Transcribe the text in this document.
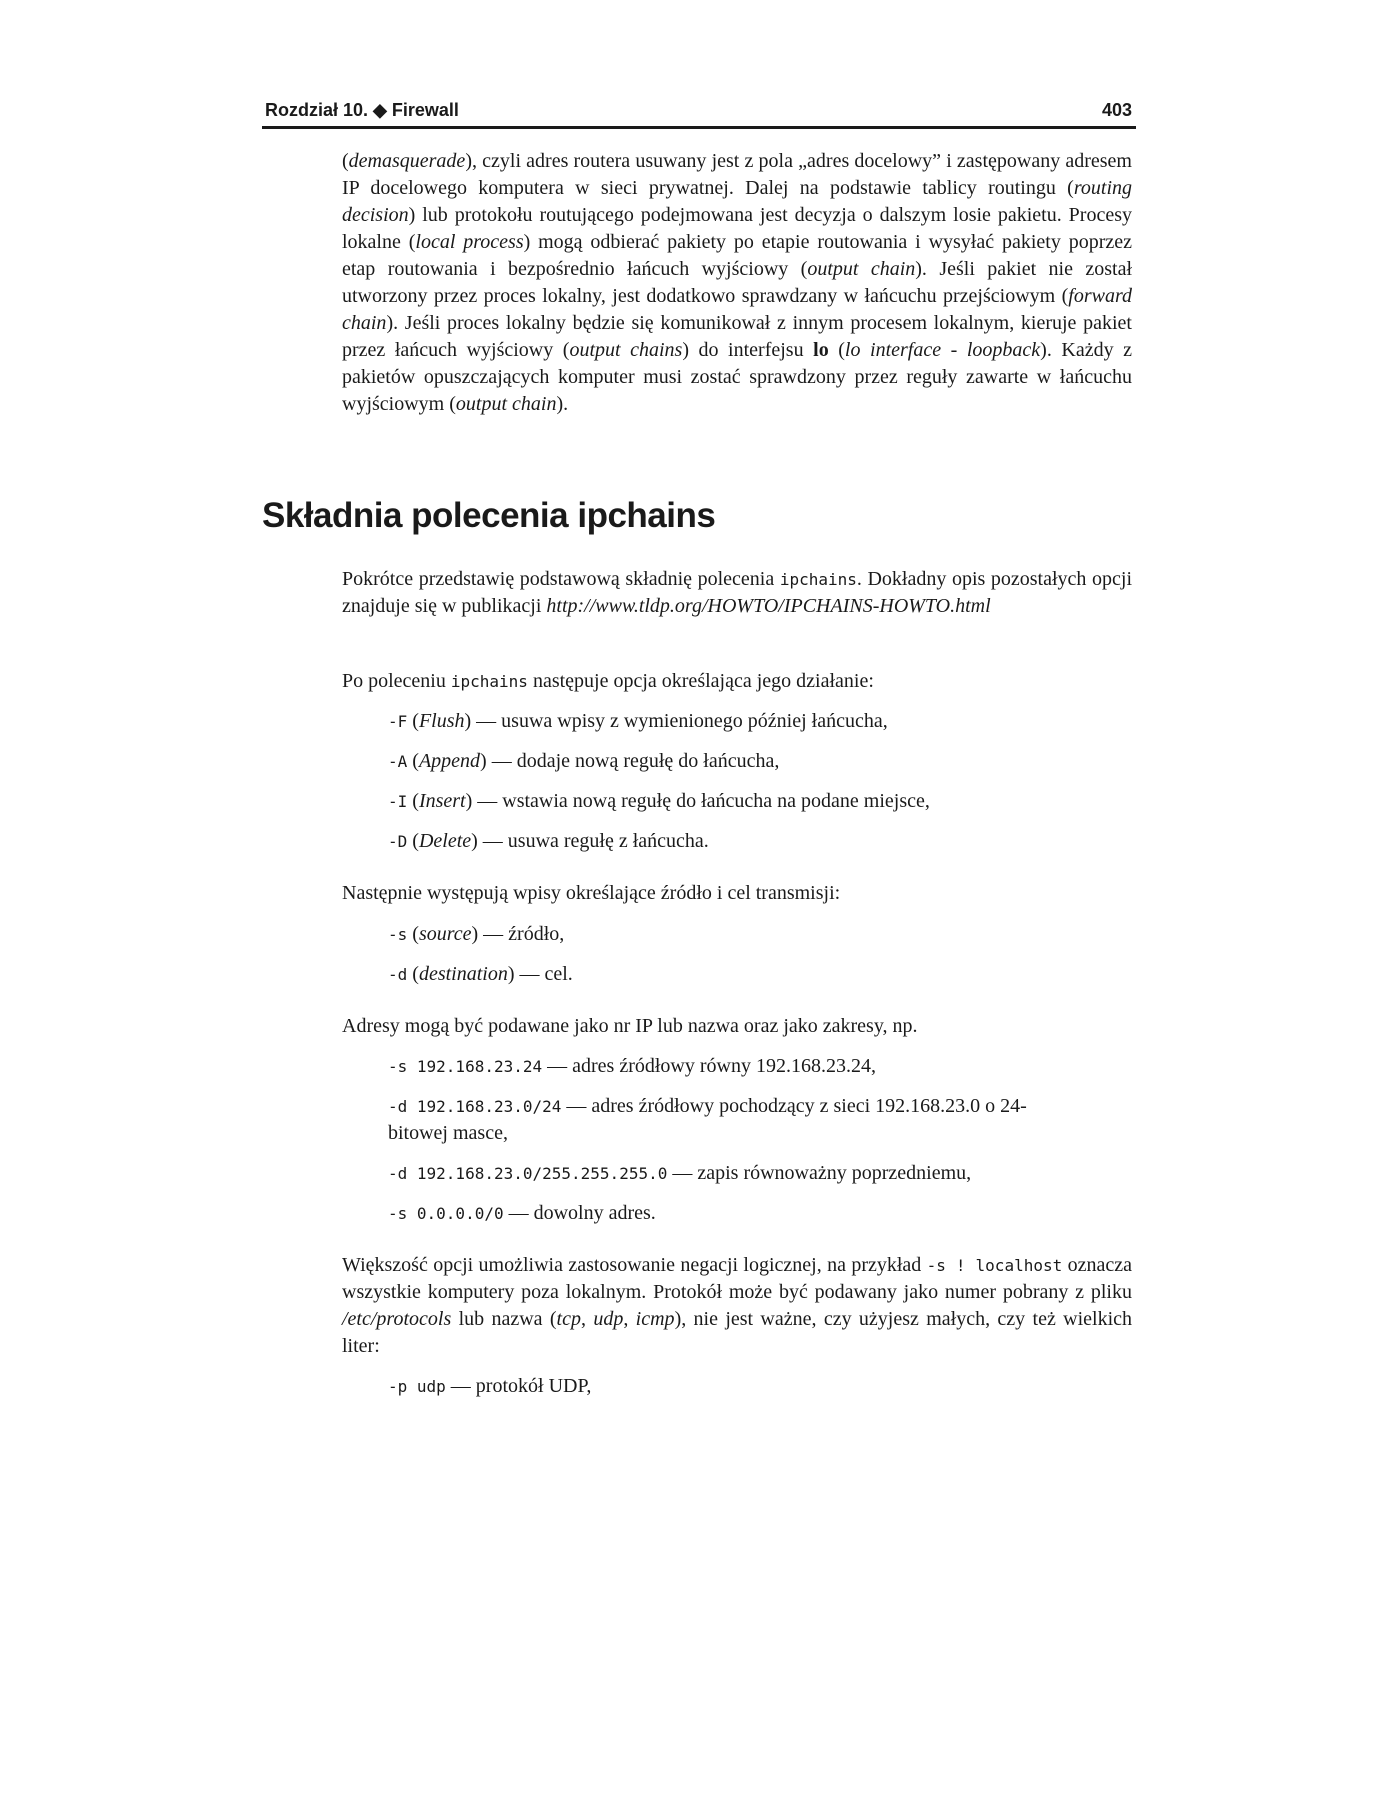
Rozdział 10. ◆ Firewall	403

(demasquerade), czyli adres routera usuwany jest z pola „adres docelowy” i zastępowany adresem IP docelowego komputera w sieci prywatnej. Dalej na podstawie tablicy routingu (routing decision) lub protokołu routującego podejmowana jest decyzja o dalszym losie pakietu. Procesy lokalne (local process) mogą odbierać pakiety po etapie routowania i wysyłać pakiety poprzez etap routowania i bezpośrednio łańcuch wyjściowy (output chain). Jeśli pakiet nie został utworzony przez proces lokalny, jest dodatkowo sprawdzany w łańcuchu przejściowym (forward chain). Jeśli proces lokalny będzie się komunikował z innym procesem lokalnym, kieruje pakiet przez łańcuch wyjściowy (output chains) do interfejsu lo (lo interface - loopback). Każdy z pakietów opuszczających komputer musi zostać sprawdzony przez reguły zawarte w łańcuchu wyjściowym (output chain).

Składnia polecenia ipchains

Pokrótce przedstawię podstawową składnię polecenia ipchains. Dokładny opis pozostałych opcji znajduje się w publikacji http://www.tldp.org/HOWTO/IPCHAINS-HOWTO.html

Po poleceniu ipchains następuje opcja określająca jego działanie:

-F (Flush) — usuwa wpisy z wymienionego później łańcucha,
-A (Append) — dodaje nową regułę do łańcucha,
-I (Insert) — wstawia nową regułę do łańcucha na podane miejsce,
-D (Delete) — usuwa regułę z łańcucha.

Następnie występują wpisy określające źródło i cel transmisji:

-s (source) — źródło,
-d (destination) — cel.

Adresy mogą być podawane jako nr IP lub nazwa oraz jako zakresy, np.

-s 192.168.23.24 — adres źródłowy równy 192.168.23.24,
-d 192.168.23.0/24 — adres źródłowy pochodzący z sieci 192.168.23.0 o 24-bitowej masce,
-d 192.168.23.0/255.255.255.0 — zapis równoważny poprzedniemu,
-s 0.0.0.0/0 — dowolny adres.

Większość opcji umożliwia zastosowanie negacji logicznej, na przykład -s ! localhost oznacza wszystkie komputery poza lokalnym. Protokół może być podawany jako numer pobrany z pliku /etc/protocols lub nazwa (tcp, udp, icmp), nie jest ważne, czy użyjesz małych, czy też wielkich liter:

-p udp — protokół UDP,
